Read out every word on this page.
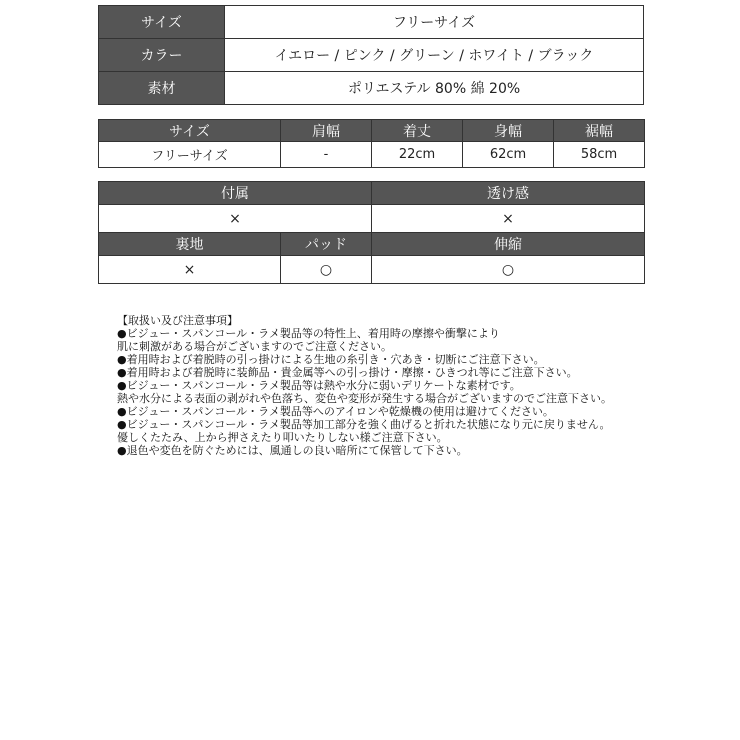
サイズ	フリーサイズ
カラー	イエロー / ピンク / グリーン / ホワイト / ブラック
素材	ポリエステル 80% 綿 20%
サイズ	肩幅	着丈	身幅	裾幅
フリーサイズ	-	22cm	62cm	58cm
付属		透け感
×		×
裏地	パッド	伸縮
×	○	○
【取扱い及び注意事項】
●ビジュー・スパンコール・ラメ製品等の特性上、着用時の摩擦や衝撃により
肌に刺激がある場合がございますのでご注意ください。
●着用時および着脱時の引っ掛けによる生地の糸引き・穴あき・切断にご注意下さい。
●着用時および着脱時に装飾品・貴金属等への引っ掛け・摩擦・ひきつれ等にご注意下さい。
●ビジュー・スパンコール・ラメ製品等は熱や水分に弱いデリケートな素材です。
熱や水分による表面の剥がれや色落ち、変色や変形が発生する場合がございますのでご注意下さい。
●ビジュー・スパンコール・ラメ製品等へのアイロンや乾燥機の使用は避けてください。
●ビジュー・スパンコール・ラメ製品等加工部分を強く曲げると折れた状態になり元に戻りません。
優しくたたみ、上から押さえたり叩いたりしない様ご注意下さい。
●退色や変色を防ぐためには、風通しの良い暗所にて保管して下さい。
